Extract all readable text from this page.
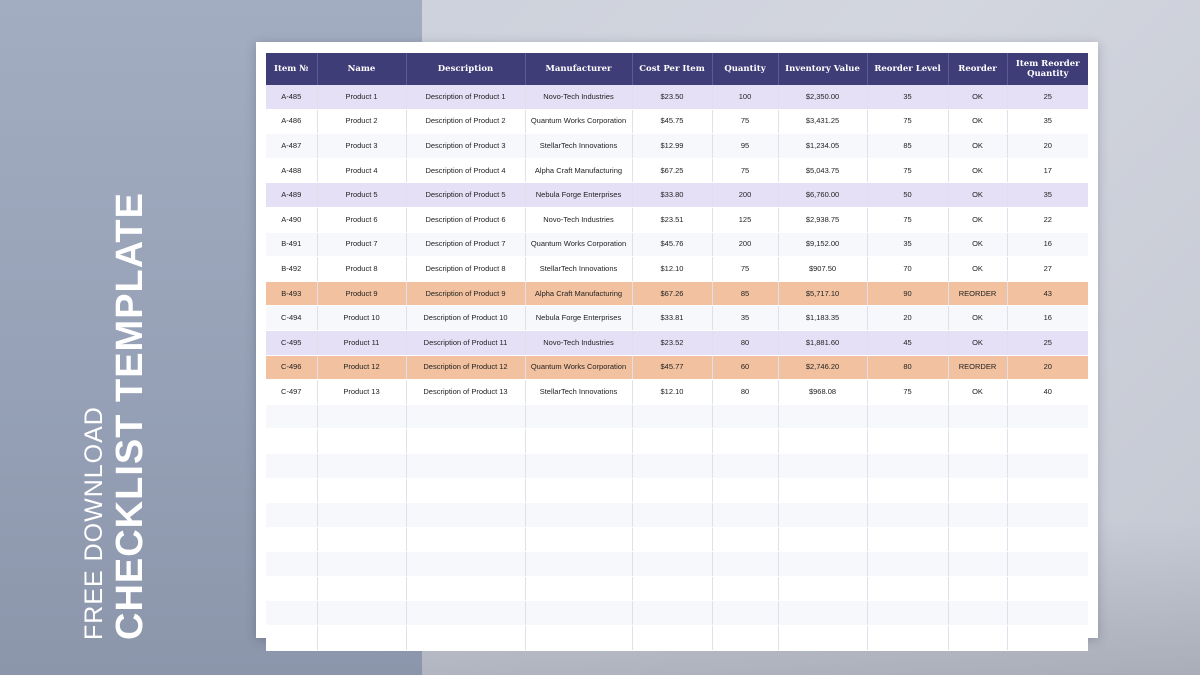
FREE DOWNLOAD CHECKLIST TEMPLATE
Item №	Name	Description	Manufacturer	Cost Per Item	Quantity	Inventory Value	Reorder Level	Reorder	Item Reorder Quantity
A-485	Product 1	Description of Product 1	Novo-Tech Industries	$23.50	100	$2,350.00	35	OK	25
A-486	Product 2	Description of Product 2	Quantum Works Corporation	$45.75	75	$3,431.25	75	OK	35
A-487	Product 3	Description of Product 3	StellarTech Innovations	$12.99	95	$1,234.05	85	OK	20
A-488	Product 4	Description of Product 4	Alpha Craft Manufacturing	$67.25	75	$5,043.75	75	OK	17
A-489	Product 5	Description of Product 5	Nebula Forge Enterprises	$33.80	200	$6,760.00	50	OK	35
A-490	Product 6	Description of Product 6	Novo-Tech Industries	$23.51	125	$2,938.75	75	OK	22
B-491	Product 7	Description of Product 7	Quantum Works Corporation	$45.76	200	$9,152.00	35	OK	16
B-492	Product 8	Description of Product 8	StellarTech Innovations	$12.10	75	$907.50	70	OK	27
B-493	Product 9	Description of Product 9	Alpha Craft Manufacturing	$67.26	85	$5,717.10	90	REORDER	43
C-494	Product 10	Description of Product 10	Nebula Forge Enterprises	$33.81	35	$1,183.35	20	OK	16
C-495	Product 11	Description of Product 11	Novo-Tech Industries	$23.52	80	$1,881.60	45	OK	25
C-496	Product 12	Description of Product 12	Quantum Works Corporation	$45.77	60	$2,746.20	80	REORDER	20
C-497	Product 13	Description of Product 13	StellarTech Innovations	$12.10	80	$968.08	75	OK	40
